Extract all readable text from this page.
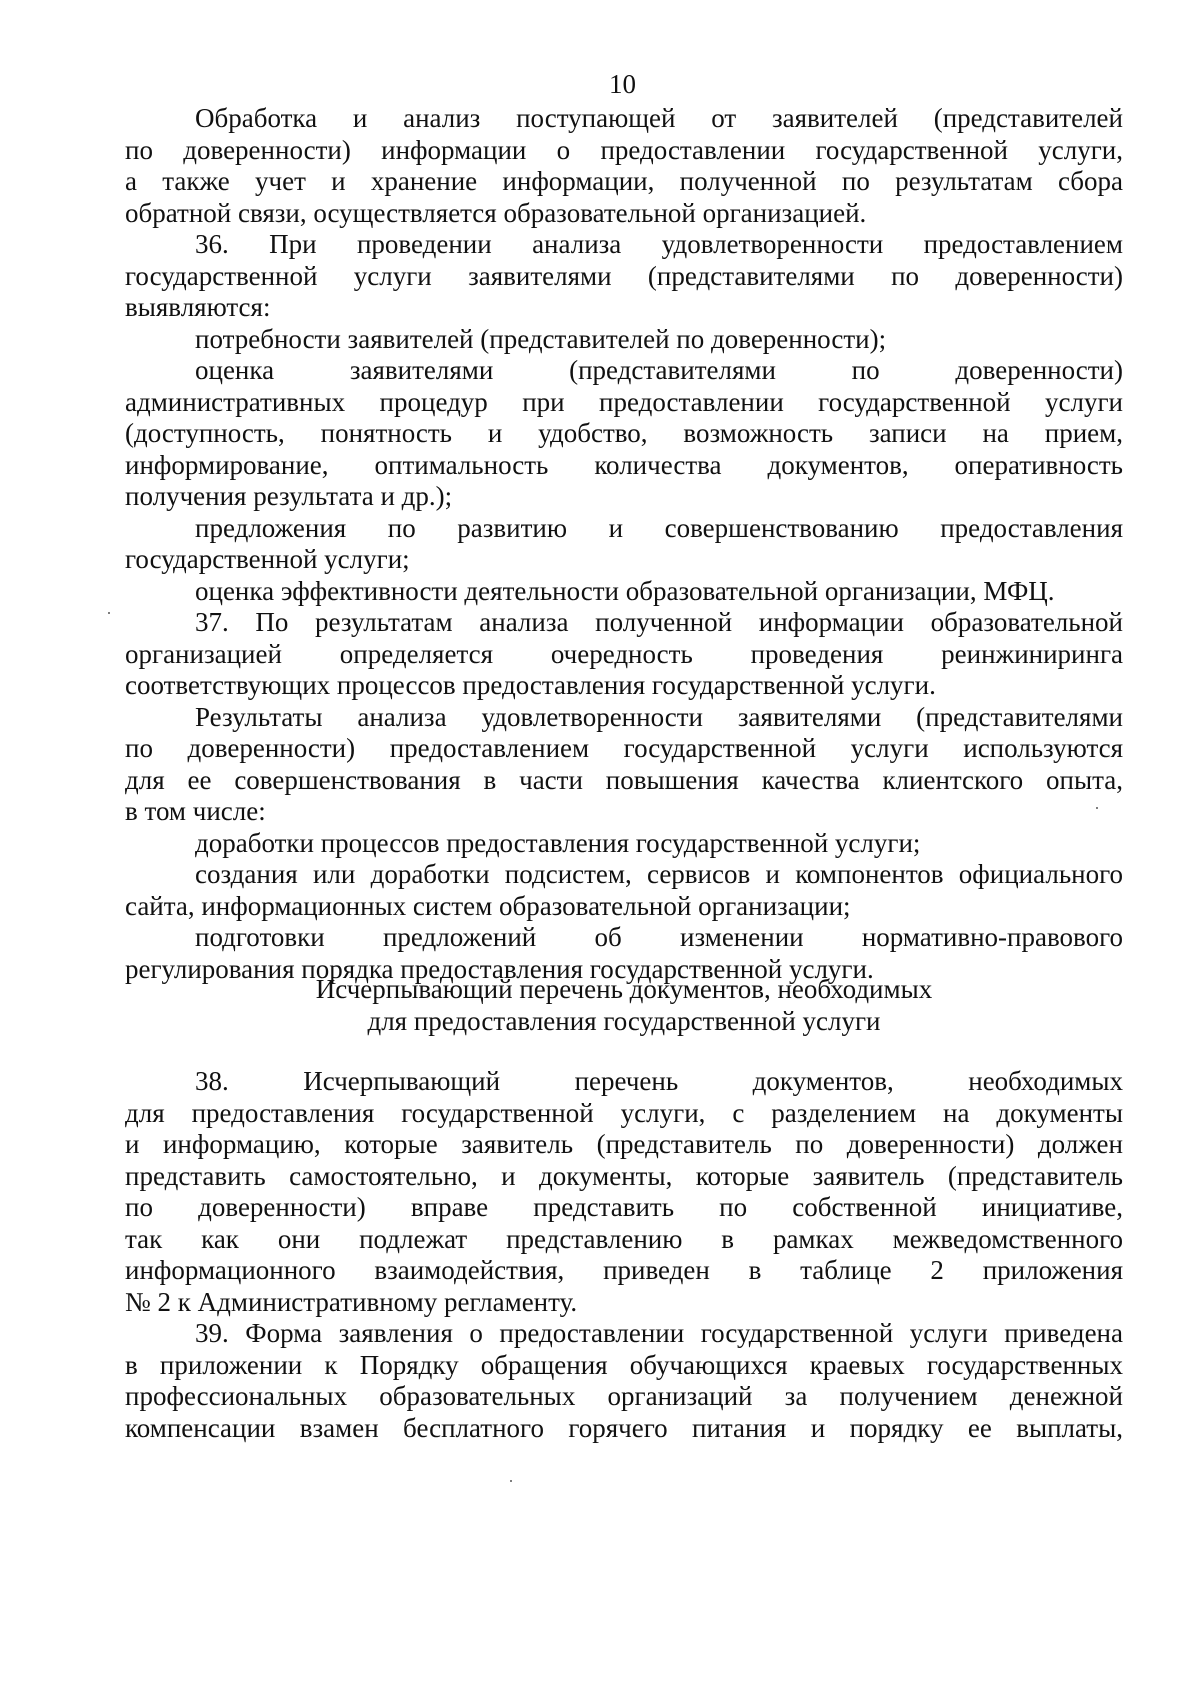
10
Обработка и анализ поступающей от заявителей (представителей
по доверенности) информации о предоставлении государственной услуги,
а также учет и хранение информации, полученной по результатам сбора
обратной связи, осуществляется образовательной организацией.
36. При проведении анализа удовлетворенности предоставлением
государственной услуги заявителями (представителями по доверенности)
выявляются:
потребности заявителей (представителей по доверенности);
оценка заявителями (представителями по доверенности)
административных процедур при предоставлении государственной услуги
(доступность, понятность и удобство, возможность записи на прием,
информирование, оптимальность количества документов, оперативность
получения результата и др.);
предложения по развитию и совершенствованию предоставления
государственной услуги;
оценка эффективности деятельности образовательной организации, МФЦ.
37. По результатам анализа полученной информации образовательной
организацией определяется очередность проведения реинжиниринга
соответствующих процессов предоставления государственной услуги.
Результаты анализа удовлетворенности заявителями (представителями
по доверенности) предоставлением государственной услуги используются
для ее совершенствования в части повышения качества клиентского опыта,
в том числе:
доработки процессов предоставления государственной услуги;
создания или доработки подсистем, сервисов и компонентов официального
сайта, информационных систем образовательной организации;
подготовки предложений об изменении нормативно-правового
регулирования порядка предоставления государственной услуги.
Исчерпывающий перечень документов, необходимых
для предоставления государственной услуги
38. Исчерпывающий перечень документов, необходимых
для предоставления государственной услуги, с разделением на документы
и информацию, которые заявитель (представитель по доверенности) должен
представить самостоятельно, и документы, которые заявитель (представитель
по доверенности) вправе представить по собственной инициативе,
так как они подлежат представлению в рамках межведомственного
информационного взаимодействия, приведен в таблице 2 приложения
№ 2 к Административному регламенту.
39. Форма заявления о предоставлении государственной услуги приведена
в приложении к Порядку обращения обучающихся краевых государственных
профессиональных образовательных организаций за получением денежной
компенсации взамен бесплатного горячего питания и порядку ее выплаты,
